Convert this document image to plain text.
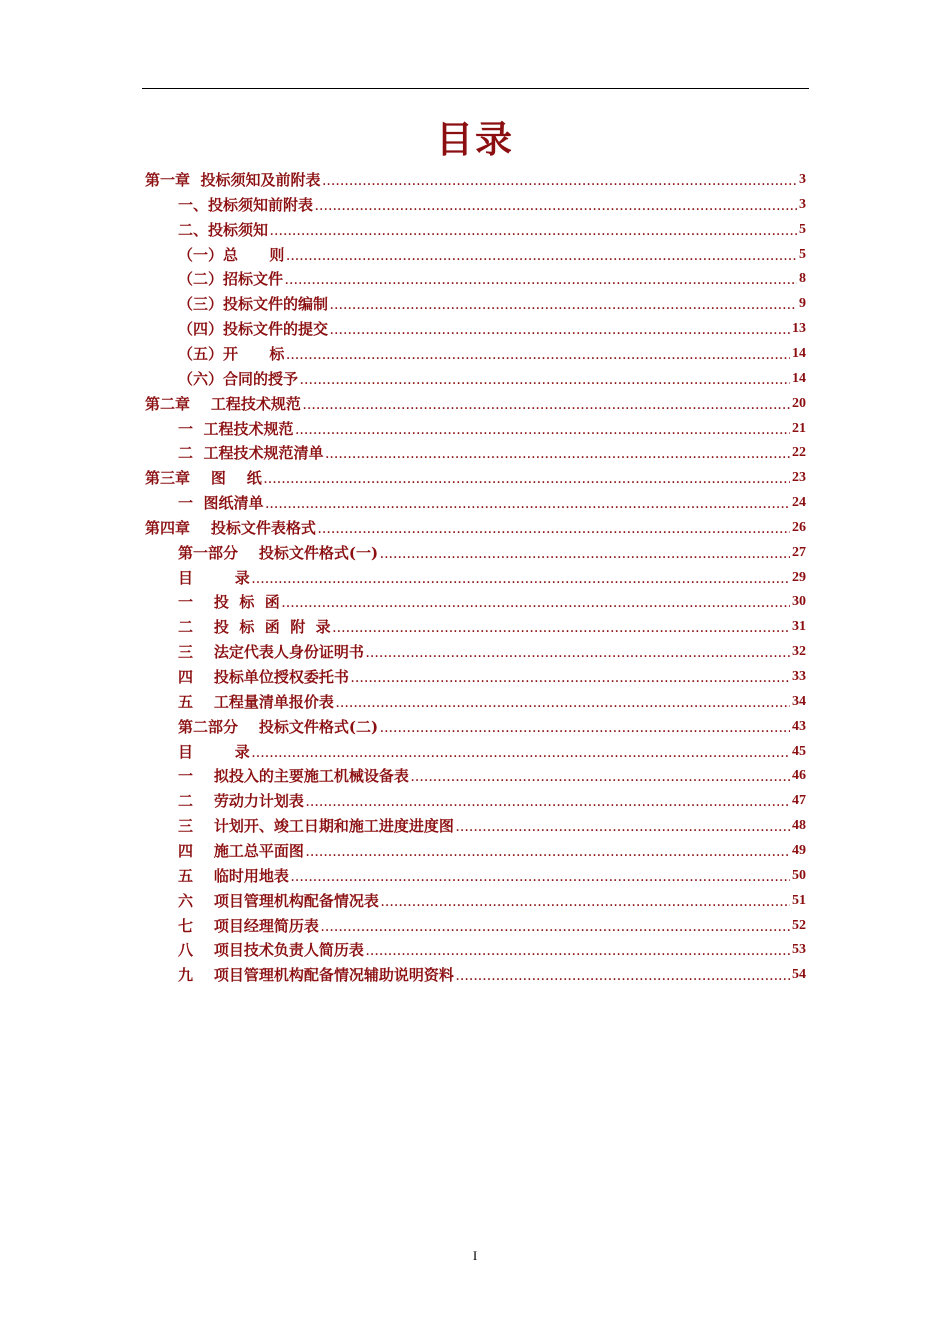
目录
第一章  投标须知及前附表 .....	3
一、投标须知前附表 .....	3
二、投标须知 .....	5
（一）总      则 .....	5
（二）招标文件 .....	8
（三）投标文件的编制 .....	9
（四）投标文件的提交 .....	13
（五）开      标 .....	14
（六）合同的授予 .....	14
第二章    工程技术规范 .....	20
一  工程技术规范 .....	21
二  工程技术规范清单 .....	22
第三章    图    纸 .....	23
一  图纸清单 .....	24
第四章    投标文件表格式 .....	26
第一部分    投标文件格式(一) .....	27
目        录 .....	29
一    投  标  函 .....	30
二    投  标  函  附  录 .....	31
三    法定代表人身份证明书 .....	32
四    投标单位授权委托书 .....	33
五    工程量清单报价表 .....	34
第二部分    投标文件格式(二) .....	43
目        录 .....	45
一    拟投入的主要施工机械设备表 .....	46
二    劳动力计划表 .....	47
三    计划开、竣工日期和施工进度进度图 .....	48
四    施工总平面图 .....	49
五    临时用地表 .....	50
六    项目管理机构配备情况表 .....	51
七    项目经理简历表 .....	52
八    项目技术负责人简历表 .....	53
九    项目管理机构配备情况辅助说明资料 .....	54
I
